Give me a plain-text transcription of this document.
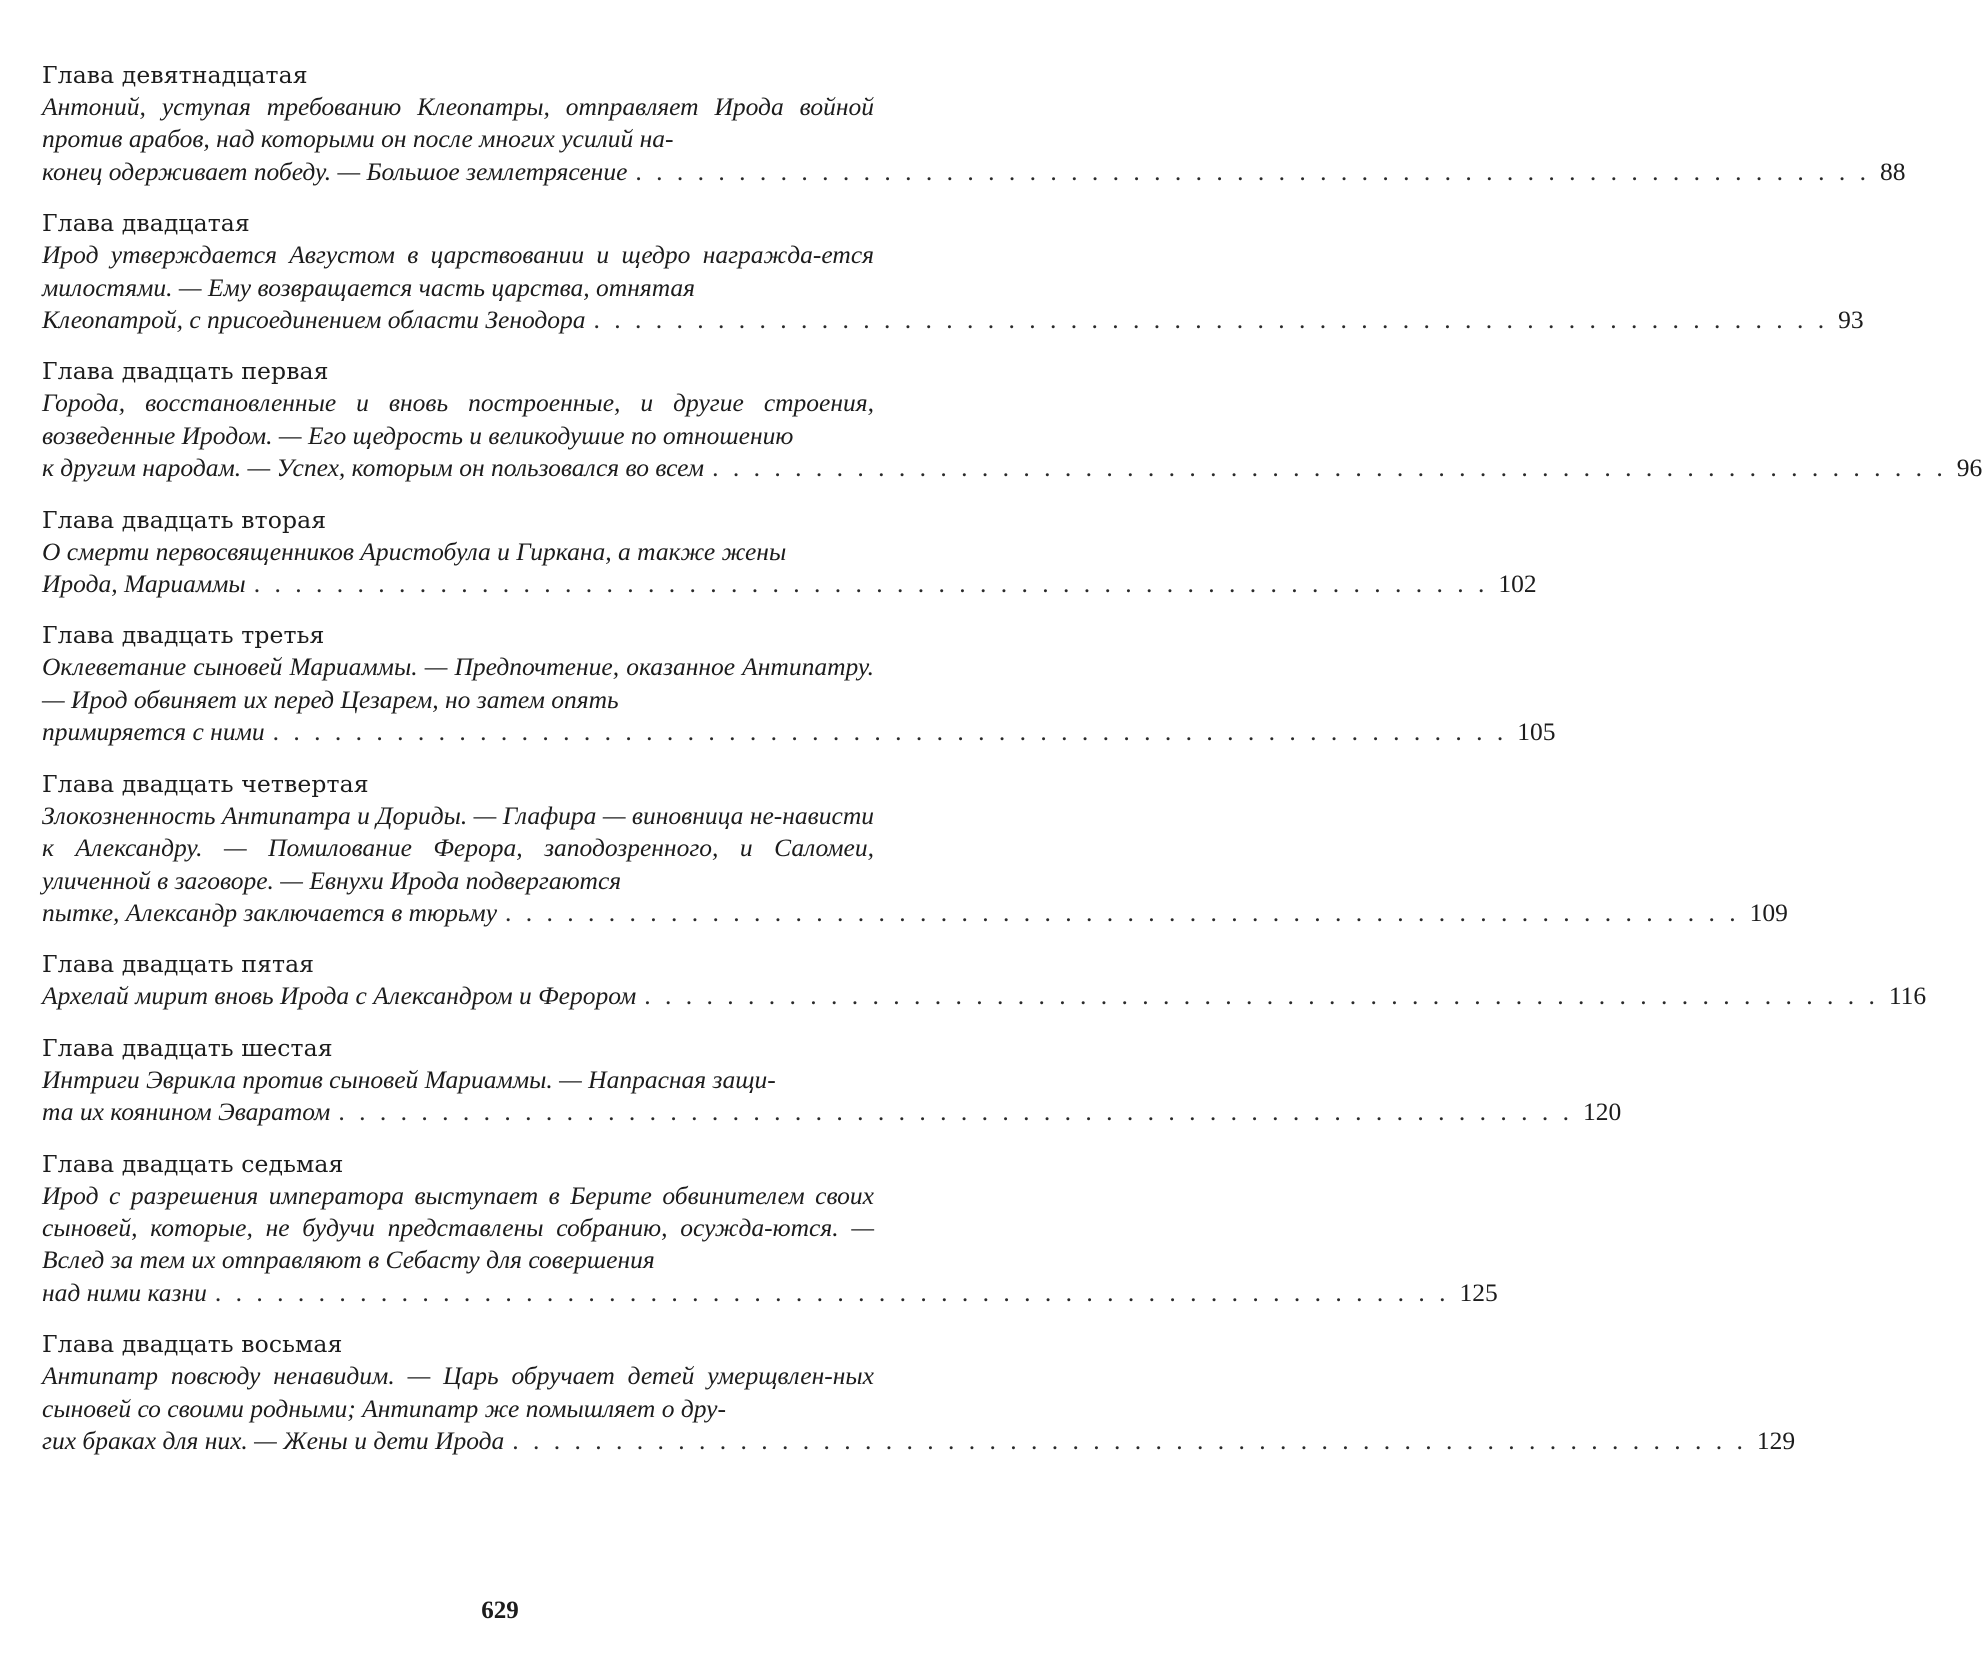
Глава девятнадцатая
Антоний, уступая требованию Клеопатры, отправляет Ирода войной против арабов, над которыми он после многих усилий на-
конец одерживает победу. — Большое землетрясение . . . . . . . . . . . . . . . . . . . . . . . . . . . . . . . . . . . . . . . . . . . . . . . . . . . . . . . . . . . . 88
Глава двадцатая
Ирод утверждается Августом в царствовании и щедро награжда-ется милостями. — Ему возвращается часть царства, отнятая
Клеопатрой, с присоединением области Зенодора . . . . . . . . . . . . . . . . . . . . . . . . . . . . . . . . . . . . . . . . . . . . . . . . . . . . . . . . . . . . 93
Глава двадцать первая
Города, восстановленные и вновь построенные, и другие строения, возведенные Иродом. — Его щедрость и великодушие по отношению
к другим народам. — Успех, которым он пользовался во всем . . . . . . . . . . . . . . . . . . . . . . . . . . . . . . . . . . . . . . . . . . . . . . . . . . . . . . . . . . . . 96
Глава двадцать вторая
О смерти первосвященников Аристобула и Гиркана, а также жены
Ирода, Мариаммы . . . . . . . . . . . . . . . . . . . . . . . . . . . . . . . . . . . . . . . . . . . . . . . . . . . . . . . . . . . . 102
Глава двадцать третья
Оклеветание сыновей Мариаммы. — Предпочтение, оказанное Антипатру. — Ирод обвиняет их перед Цезарем, но затем опять
примиряется с ними . . . . . . . . . . . . . . . . . . . . . . . . . . . . . . . . . . . . . . . . . . . . . . . . . . . . . . . . . . . . 105
Глава двадцать четвертая
Злокозненность Антипатра и Дориды. — Глафира — виновница не-нависти к Александру. — Помилование Ферора, заподозренного, и Саломеи, уличенной в заговоре. — Евнухи Ирода подвергаются
пытке, Александр заключается в тюрьму . . . . . . . . . . . . . . . . . . . . . . . . . . . . . . . . . . . . . . . . . . . . . . . . . . . . . . . . . . . . 109
Глава двадцать пятая
Архелай мирит вновь Ирода с Александром и Ферором . . . . . . . . . . . . . . . . . . . . . . . . . . . . . . . . . . . . . . . . . . . . . . . . . . . . . . . . . . . . 116
Глава двадцать шестая
Интриги Эврикла против сыновей Мариаммы. — Напрасная защи-
та их коянином Эваратом . . . . . . . . . . . . . . . . . . . . . . . . . . . . . . . . . . . . . . . . . . . . . . . . . . . . . . . . . . . . 120
Глава двадцать седьмая
Ирод с разрешения императора выступает в Берите обвинителем своих сыновей, которые, не будучи представлены собранию, осужда-ются. — Вслед за тем их отправляют в Себасту для совершения
над ними казни . . . . . . . . . . . . . . . . . . . . . . . . . . . . . . . . . . . . . . . . . . . . . . . . . . . . . . . . . . . . 125
Глава двадцать восьмая
Антипатр повсюду ненавидим. — Царь обручает детей умерщвлен-ных сыновей со своими родными; Антипатр же помышляет о дру-
гих браках для них. — Жены и дети Ирода . . . . . . . . . . . . . . . . . . . . . . . . . . . . . . . . . . . . . . . . . . . . . . . . . . . . . . . . . . . . 129
629
